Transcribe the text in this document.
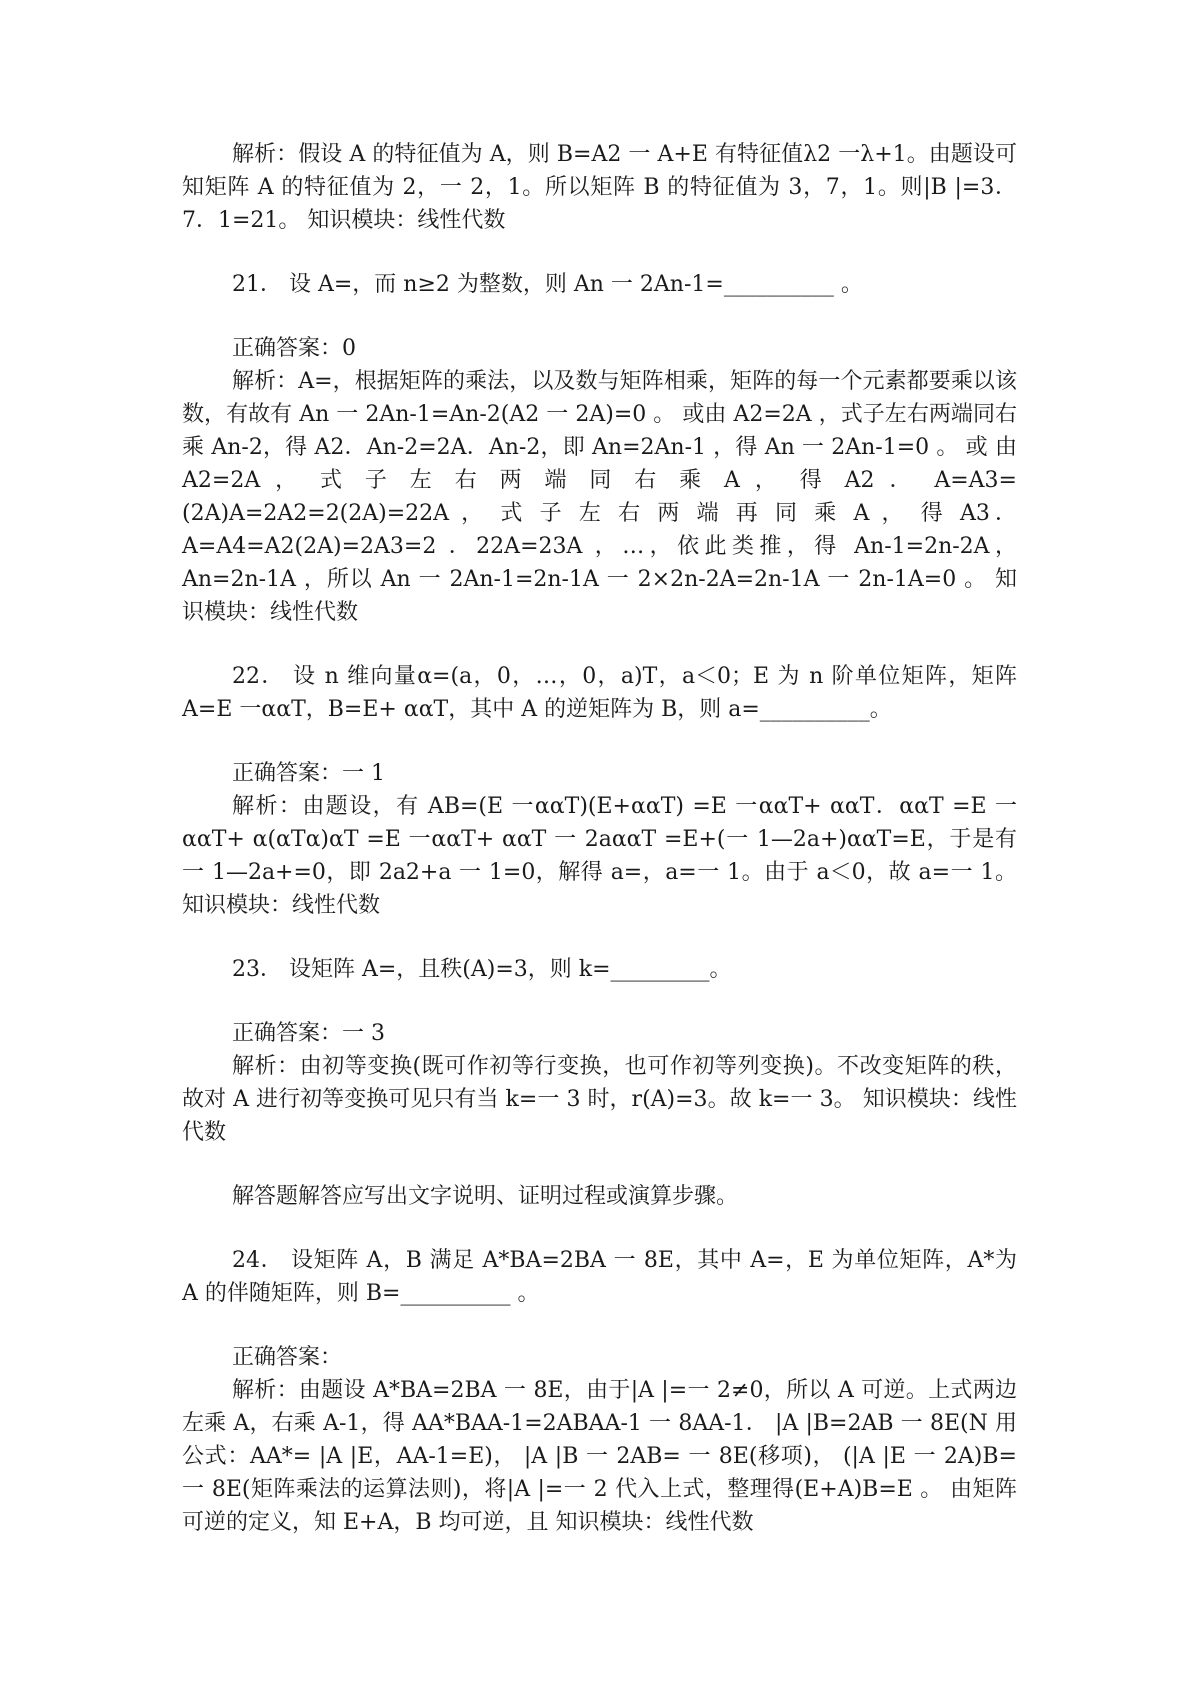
解析：假设 A 的特征值为 A，则 B=A2 一 A+E 有特征值λ2 一λ+1。由题设可知矩阵 A 的特征值为 2，一 2，1。所以矩阵 B 的特征值为 3，7，1。则|B |=3．7．1=21。 知识模块：线性代数

21． 设 A=，而 n≥2 为整数，则 An 一 2An-1=__________ 。

正确答案：0

解析：A=，根据矩阵的乘法，以及数与矩阵相乘，矩阵的每一个元素都要乘以该数，有故有 An 一 2An-1=An-2(A2 一 2A)=0 。 或由 A2=2A ，式子左右两端同右乘 An-2，得 A2．An-2=2A．An-2，即 An=2An-1 ，得 An 一 2An-1=0 。 或 由 A2=2A ， 式 子 左 右 两 端 同 右 乘 A ， 得 A2 ． A=A3=(2A)A=2A2=2(2A)=22A ， 式 子 左 右 两 端 再 同 乘 A ， 得 A3．A=A4=A2(2A)=2A3=2 ．22A=23A ，…，依此类推，得 An-1=2n-2A，An=2n-1A ，所以 An 一 2An-1=2n-1A 一 2×2n-2A=2n-1A 一 2n-1A=0 。 知识模块：线性代数

22． 设 n 维向量α=(a，0，…，0，a)T，a＜0；E 为 n 阶单位矩阵，矩阵 A=E 一ααT，B=E+ ααT，其中 A 的逆矩阵为 B，则 a=__________。

正确答案：一 1

解析：由题设，有 AB=(E 一ααT)(E+ααT) =E 一ααT+ ααT．ααT =E 一ααT+ α(αTα)αT =E 一ααT+ ααT 一 2aααT =E+(一 1—2a+)ααT=E，于是有一 1—2a+=0，即 2a2+a 一 1=0，解得 a=，a=一 1。由于 a＜0，故 a=一 1。 知识模块：线性代数

23． 设矩阵 A=，且秩(A)=3，则 k=_________。

正确答案：一 3

解析：由初等变换(既可作初等行变换，也可作初等列变换)。不改变矩阵的秩，故对 A 进行初等变换可见只有当 k=一 3 时，r(A)=3。故 k=一 3。 知识模块：线性代数

解答题解答应写出文字说明、证明过程或演算步骤。

24． 设矩阵 A，B 满足 A*BA=2BA 一 8E，其中 A=，E 为单位矩阵，A*为 A 的伴随矩阵，则 B=__________ 。

正确答案：

解析：由题设 A*BA=2BA 一 8E，由于|A |=一 2≠0，所以 A 可逆。上式两边左乘 A，右乘 A-1，得 AA*BAA-1=2ABAA-1 一 8AA-1． |A |B=2AB 一 8E(N 用公式：AA*= |A |E，AA-1=E)， |A |B 一 2AB= 一 8E(移项)， (|A |E 一 2A)B= 一 8E(矩阵乘法的运算法则)，将|A |=一 2 代入上式，整理得(E+A)B=E 。 由矩阵可逆的定义，知 E+A，B 均可逆，且 知识模块：线性代数
